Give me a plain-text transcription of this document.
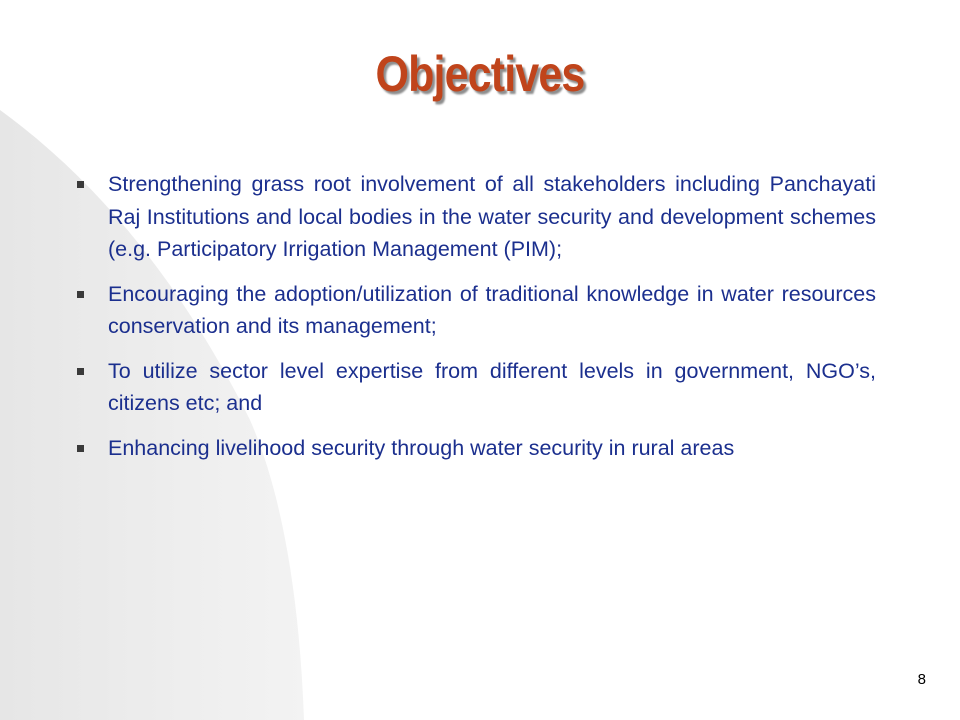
Objectives
Strengthening grass root involvement of all stakeholders including Panchayati Raj Institutions and local bodies in the water security and development schemes (e.g. Participatory Irrigation Management (PIM);
Encouraging the adoption/utilization of traditional knowledge in water resources conservation and its management;
To utilize sector level expertise from different levels in government, NGO’s, citizens etc; and
Enhancing livelihood security through water security in rural areas
8
